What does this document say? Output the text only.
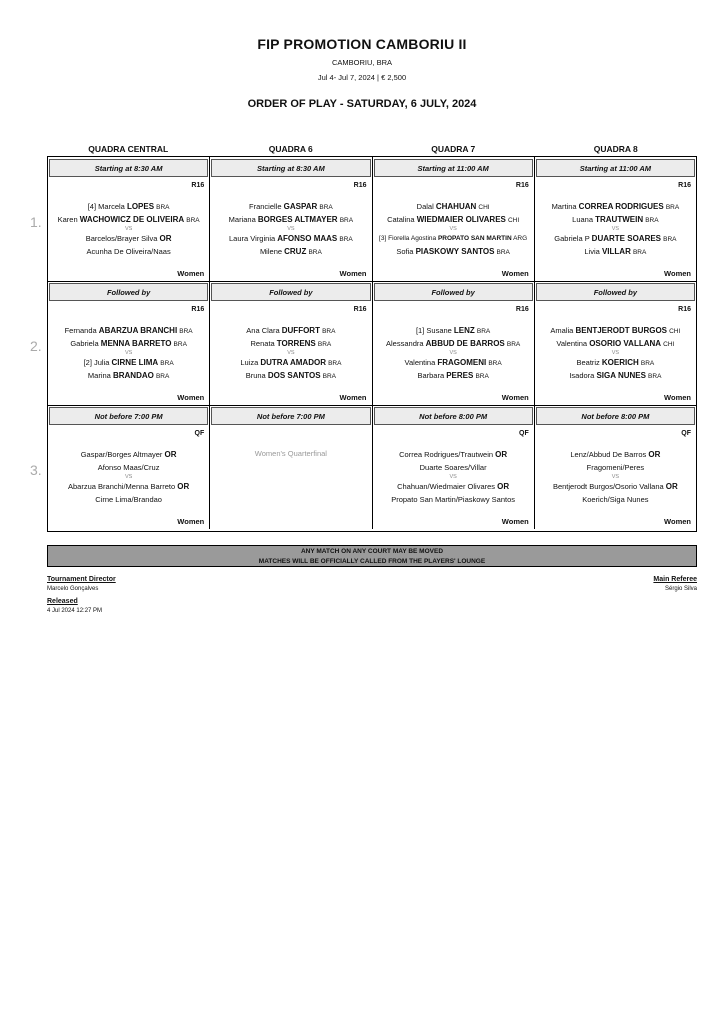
FIP PROMOTION CAMBORIU II
CAMBORIU, BRA
Jul 4- Jul 7, 2024 | € 2,500
ORDER OF PLAY - SATURDAY, 6 JULY, 2024
QUADRA CENTRAL	QUADRA 6	QUADRA 7	QUADRA 8
1.
2.
3.
Starting at 8:30 AM
R16
[4] Marcela LOPES BRA
Karen WACHOWICZ DE OLIVEIRA BRA
VS
Barcelos/Brayer Silva OR
Acunha De Oliveira/Naas
Women
Starting at 8:30 AM
R16
Francielle GASPAR BRA
Mariana BORGES ALTMAYER BRA
VS
Laura Virginia AFONSO MAAS BRA
Milene CRUZ BRA
Women
Starting at 11:00 AM
R16
Dalal CHAHUAN CHI
Catalina WIEDMAIER OLIVARES CHI
VS
[3] Fiorella Agostina PROPATO SAN MARTIN ARG
Sofia PIASKOWY SANTOS BRA
Women
Starting at 11:00 AM
R16
Martina CORREA RODRIGUES BRA
Luana TRAUTWEIN BRA
VS
Gabriela P DUARTE SOARES BRA
Livia VILLAR BRA
Women
Followed by
R16
Fernanda ABARZUA BRANCHI BRA
Gabriela MENNA BARRETO BRA
VS
[2] Julia CIRNE LIMA BRA
Marina BRANDAO BRA
Women
Followed by
R16
Ana Clara DUFFORT BRA
Renata TORRENS BRA
VS
Luiza DUTRA AMADOR BRA
Bruna DOS SANTOS BRA
Women
Followed by
R16
[1] Susane LENZ BRA
Alessandra ABBUD DE BARROS BRA
VS
Valentina FRAGOMENI BRA
Barbara PERES BRA
Women
Followed by
R16
Amalia BENTJERODT BURGOS CHI
Valentina OSORIO VALLANA CHI
VS
Beatriz KOERICH BRA
Isadora SIGA NUNES BRA
Women
Not before 7:00 PM
QF
Gaspar/Borges Altmayer OR
Afonso Maas/Cruz
VS
Abarzua Branchi/Menna Barreto OR
Cirne Lima/Brandao
Women
Not before 7:00 PM
Women's Quarterfinal
Not before 8:00 PM
QF
Correa Rodrigues/Trautwein OR
Duarte Soares/Villar
VS
Chahuan/Wiedmaier Olivares OR
Propato San Martin/Piaskowy Santos
Women
Not before 8:00 PM
QF
Lenz/Abbud De Barros OR
Fragomeni/Peres
VS
Bentjerodt Burgos/Osorio Vallana OR
Koerich/Siga Nunes
Women
ANY MATCH ON ANY COURT MAY BE MOVED
MATCHES WILL BE OFFICIALLY CALLED FROM THE PLAYERS' LOUNGE
Tournament Director
Marcelo Gonçalves
Released
4 Jul 2024 12:27 PM
Main Referee
Sérgio Silva
